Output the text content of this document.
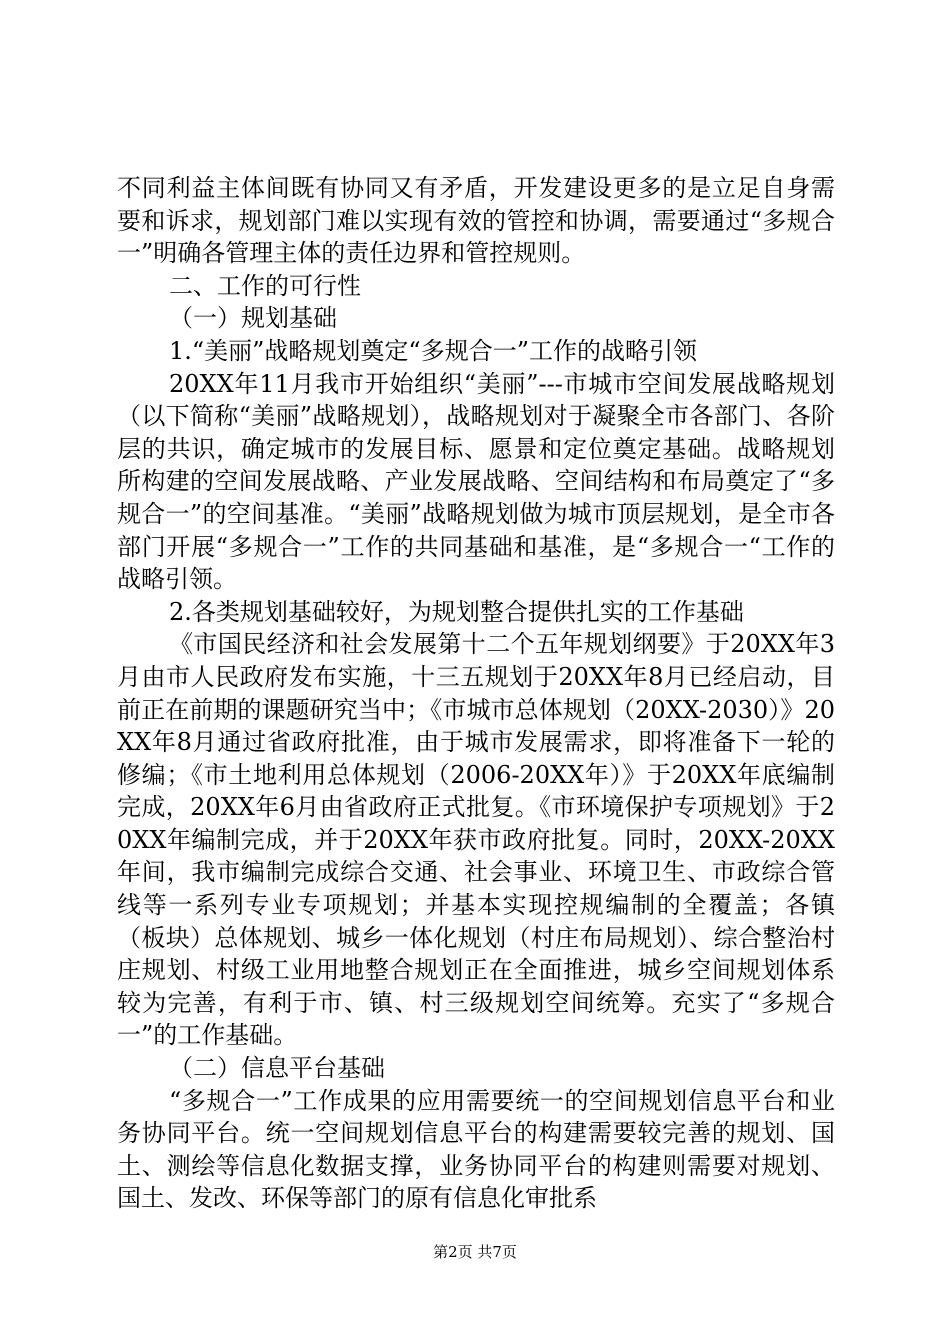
不同利益主体间既有协同又有矛盾，开发建设更多的是立足自身需要和诉求，规划部门难以实现有效的管控和协调，需要通过“多规合一”明确各管理主体的责任边界和管控规则。

二、工作的可行性

（一）规划基础

1.“美丽”战略规划奠定“多规合一”工作的战略引领

20XX年11月我市开始组织“美丽”---市城市空间发展战略规划（以下简称“美丽”战略规划），战略规划对于凝聚全市各部门、各阶层的共识，确定城市的发展目标、愿景和定位奠定基础。战略规划所构建的空间发展战略、产业发展战略、空间结构和布局奠定了“多规合一”的空间基准。“美丽”战略规划做为城市顶层规划，是全市各部门开展“多规合一”工作的共同基础和基准，是“多规合一“工作的战略引领。

2.各类规划基础较好，为规划整合提供扎实的工作基础

《市国民经济和社会发展第十二个五年规划纲要》于20XX年3月由市人民政府发布实施，十三五规划于20XX年8月已经启动，目前正在前期的课题研究当中；《市城市总体规划（20XX-2030）》20XX年8月通过省政府批准，由于城市发展需求，即将准备下一轮的修编；《市土地利用总体规划（2006-20XX年）》于20XX年底编制完成，20XX年6月由省政府正式批复。《市环境保护专项规划》于20XX年编制完成，并于20XX年获市政府批复。同时，20XX-20XX年间，我市编制完成综合交通、社会事业、环境卫生、市政综合管线等一系列专业专项规划；并基本实现控规编制的全覆盖；各镇（板块）总体规划、城乡一体化规划（村庄布局规划）、综合整治村庄规划、村级工业用地整合规划正在全面推进，城乡空间规划体系较为完善，有利于市、镇、村三级规划空间统筹。充实了“多规合一”的工作基础。

（二）信息平台基础

“多规合一”工作成果的应用需要统一的空间规划信息平台和业务协同平台。统一空间规划信息平台的构建需要较完善的规划、国土、测绘等信息化数据支撑，业务协同平台的构建则需要对规划、国土、发改、环保等部门的原有信息化审批系

第2页 共7页
